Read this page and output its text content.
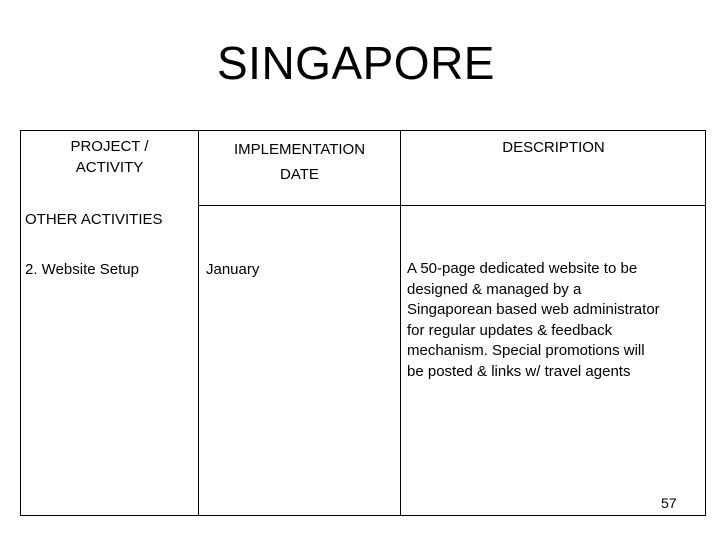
SINGAPORE
PROJECT /
ACTIVITY
IMPLEMENTATION
DATE
DESCRIPTION
OTHER ACTIVITIES
2. Website Setup	January	A 50-page dedicated website to be
designed & managed by a
Singaporean based web administrator
for regular updates & feedback
mechanism. Special promotions will
be posted & links w/ travel agents
57
